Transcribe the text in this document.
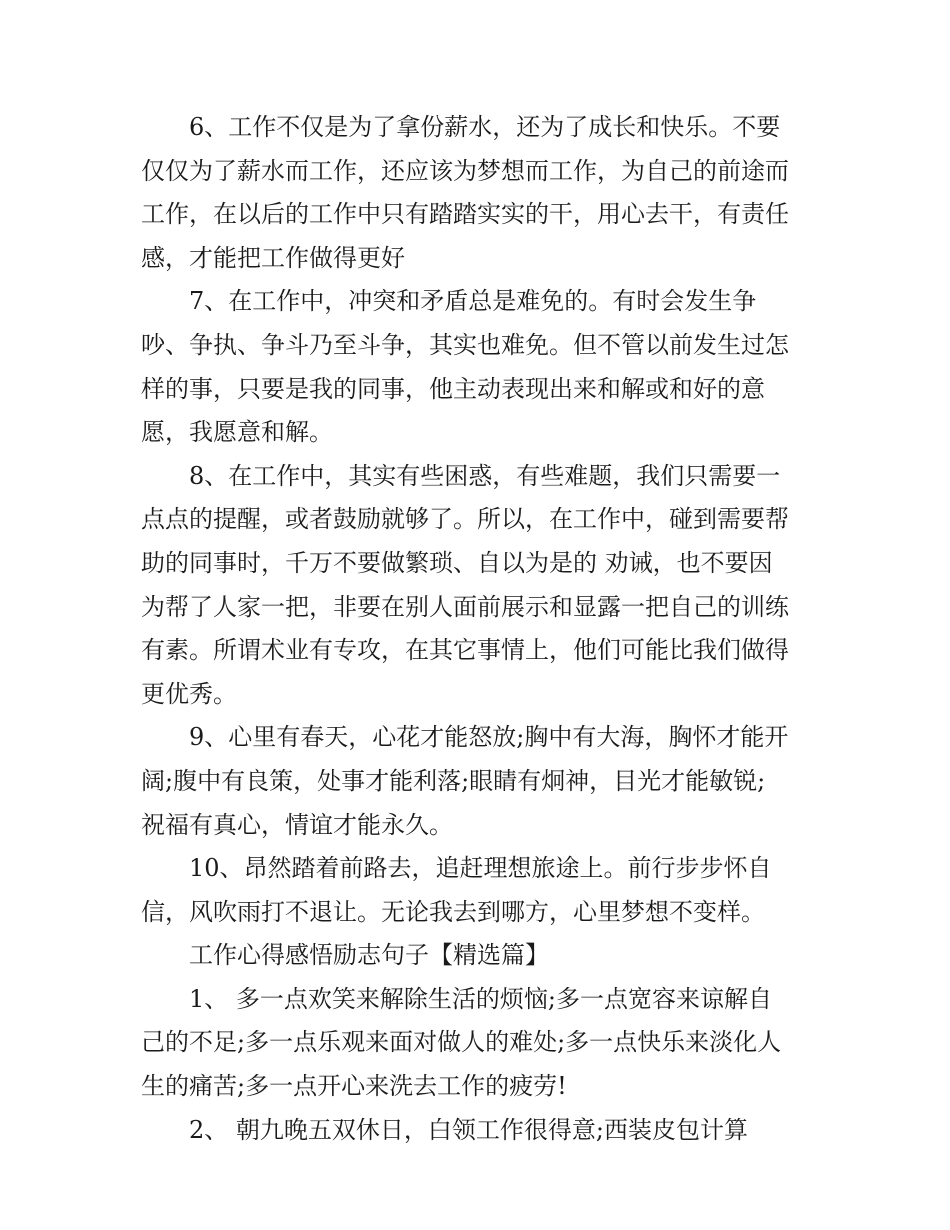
6、工作不仅是为了拿份薪水，还为了成长和快乐。不要
仅仅为了薪水而工作，还应该为梦想而工作，为自己的前途而
工作，在以后的工作中只有踏踏实实的干，用心去干，有责任
感，才能把工作做得更好
7、在工作中，冲突和矛盾总是难免的。有时会发生争
吵、争执、争斗乃至斗争，其实也难免。但不管以前发生过怎
样的事，只要是我的同事，他主动表现出来和解或和好的意
愿，我愿意和解。
8、在工作中，其实有些困惑，有些难题，我们只需要一
点点的提醒，或者鼓励就够了。所以，在工作中，碰到需要帮
助的同事时，千万不要做繁琐、自以为是的 劝诫，也不要因
为帮了人家一把，非要在别人面前展示和显露一把自己的训练
有素。所谓术业有专攻，在其它事情上，他们可能比我们做得
更优秀。
9、心里有春天，心花才能怒放;胸中有大海，胸怀才能开
阔;腹中有良策，处事才能利落;眼睛有炯神，目光才能敏锐;
祝福有真心，情谊才能永久。
10、昂然踏着前路去，追赶理想旅途上。前行步步怀自
信，风吹雨打不退让。无论我去到哪方，心里梦想不变样。
工作心得感悟励志句子【精选篇】
1、 多一点欢笑来解除生活的烦恼;多一点宽容来谅解自
己的不足;多一点乐观来面对做人的难处;多一点快乐来淡化人
生的痛苦;多一点开心来洗去工作的疲劳!
2、 朝九晚五双休日，白领工作很得意;西装皮包计算
